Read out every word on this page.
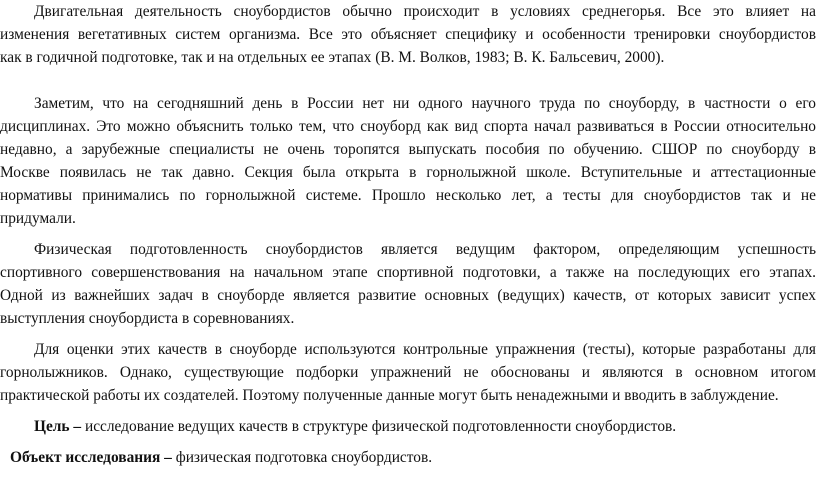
Двигательная деятельность сноубордистов обычно происходит в условиях среднегорья. Все это влияет на
изменения вегетативных систем организма. Все это объясняет специфику и особенности тренировки сноубордистов
как в годичной подготовке, так и на отдельных ее этапах (В. М. Волков, 1983; В. К. Бальсевич, 2000).
Заметим, что на сегодняшний день в России нет ни одного научного труда по сноуборду, в частности о его
дисциплинах. Это можно объяснить только тем, что сноуборд как вид спорта начал развиваться в России относительно
недавно, а зарубежные специалисты не очень торопятся выпускать пособия по обучению. СШОР по сноуборду в
Москве появилась не так давно. Секция была открыта в горнолыжной школе. Вступительные и аттестационные
нормативы принимались по горнолыжной системе. Прошло несколько лет, а тесты для сноубордистов так и не
придумали.
Физическая подготовленность сноубордистов является ведущим фактором, определяющим успешность
спортивного совершенствования на начальном этапе спортивной подготовки, а также на последующих его этапах.
Одной из важнейших задач в сноуборде является развитие основных (ведущих) качеств, от которых зависит успех
выступления сноубордиста в соревнованиях.
Для оценки этих качеств в сноуборде используются контрольные упражнения (тесты), которые разработаны для
горнолыжников. Однако, существующие подборки упражнений не обоснованы и являются в основном итогом
практической работы их создателей. Поэтому полученные данные могут быть ненадежными и вводить в заблуждение.
Цель – исследование ведущих качеств в структуре физической подготовленности сноубордистов.
Объект исследования – физическая подготовка сноубордистов.
